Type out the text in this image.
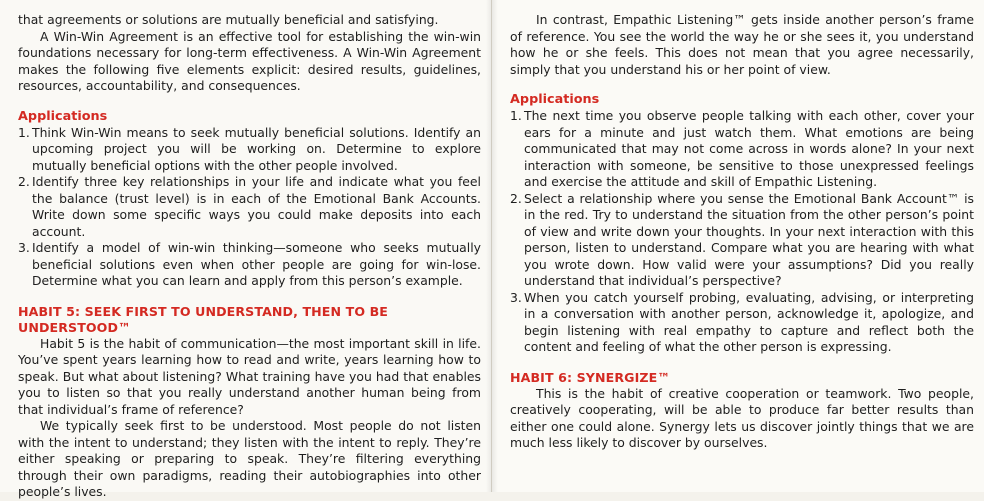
that agreements or solutions are mutually beneficial and satisfying.

A Win-Win Agreement is an effective tool for establishing the win-win foundations necessary for long-term effectiveness. A Win-Win Agreement makes the following five elements explicit: desired results, guidelines, resources, accountability, and consequences.

Applications
1. Think Win-Win means to seek mutually beneficial solutions. Identify an upcoming project you will be working on. Determine to explore mutually beneficial options with the other people involved.
2. Identify three key relationships in your life and indicate what you feel the balance (trust level) is in each of the Emotional Bank Accounts. Write down some specific ways you could make deposits into each account.
3. Identify a model of win-win thinking—someone who seeks mutually beneficial solutions even when other people are going for win-lose. Determine what you can learn and apply from this person’s example.
HABIT 5: SEEK FIRST TO UNDERSTAND, THEN TO BE UNDERSTOOD™

Habit 5 is the habit of communication—the most important skill in life. You’ve spent years learning how to read and write, years learning how to speak. But what about listening? What training have you had that enables you to listen so that you really understand another human being from that individual’s frame of reference?

We typically seek first to be understood. Most people do not listen with the intent to understand; they listen with the intent to reply. They’re either speaking or preparing to speak. They’re filtering everything through their own paradigms, reading their autobiographies into other people’s lives.

In contrast, Empathic Listening™ gets inside another person’s frame of reference. You see the world the way he or she sees it, you understand how he or she feels. This does not mean that you agree necessarily, simply that you understand his or her point of view.

Applications
1. The next time you observe people talking with each other, cover your ears for a minute and just watch them. What emotions are being communicated that may not come across in words alone? In your next interaction with someone, be sensitive to those unexpressed feelings and exercise the attitude and skill of Empathic Listening.
2. Select a relationship where you sense the Emotional Bank Account™ is in the red. Try to understand the situation from the other person’s point of view and write down your thoughts. In your next interaction with this person, listen to understand. Compare what you are hearing with what you wrote down. How valid were your assumptions? Did you really understand that individual’s perspective?
3. When you catch yourself probing, evaluating, advising, or interpreting in a conversation with another person, acknowledge it, apologize, and begin listening with real empathy to capture and reflect both the content and feeling of what the other person is expressing.
HABIT 6: SYNERGIZE™

This is the habit of creative cooperation or teamwork. Two people, creatively cooperating, will be able to produce far better results than either one could alone. Synergy lets us discover jointly things that we are much less likely to discover by ourselves.
